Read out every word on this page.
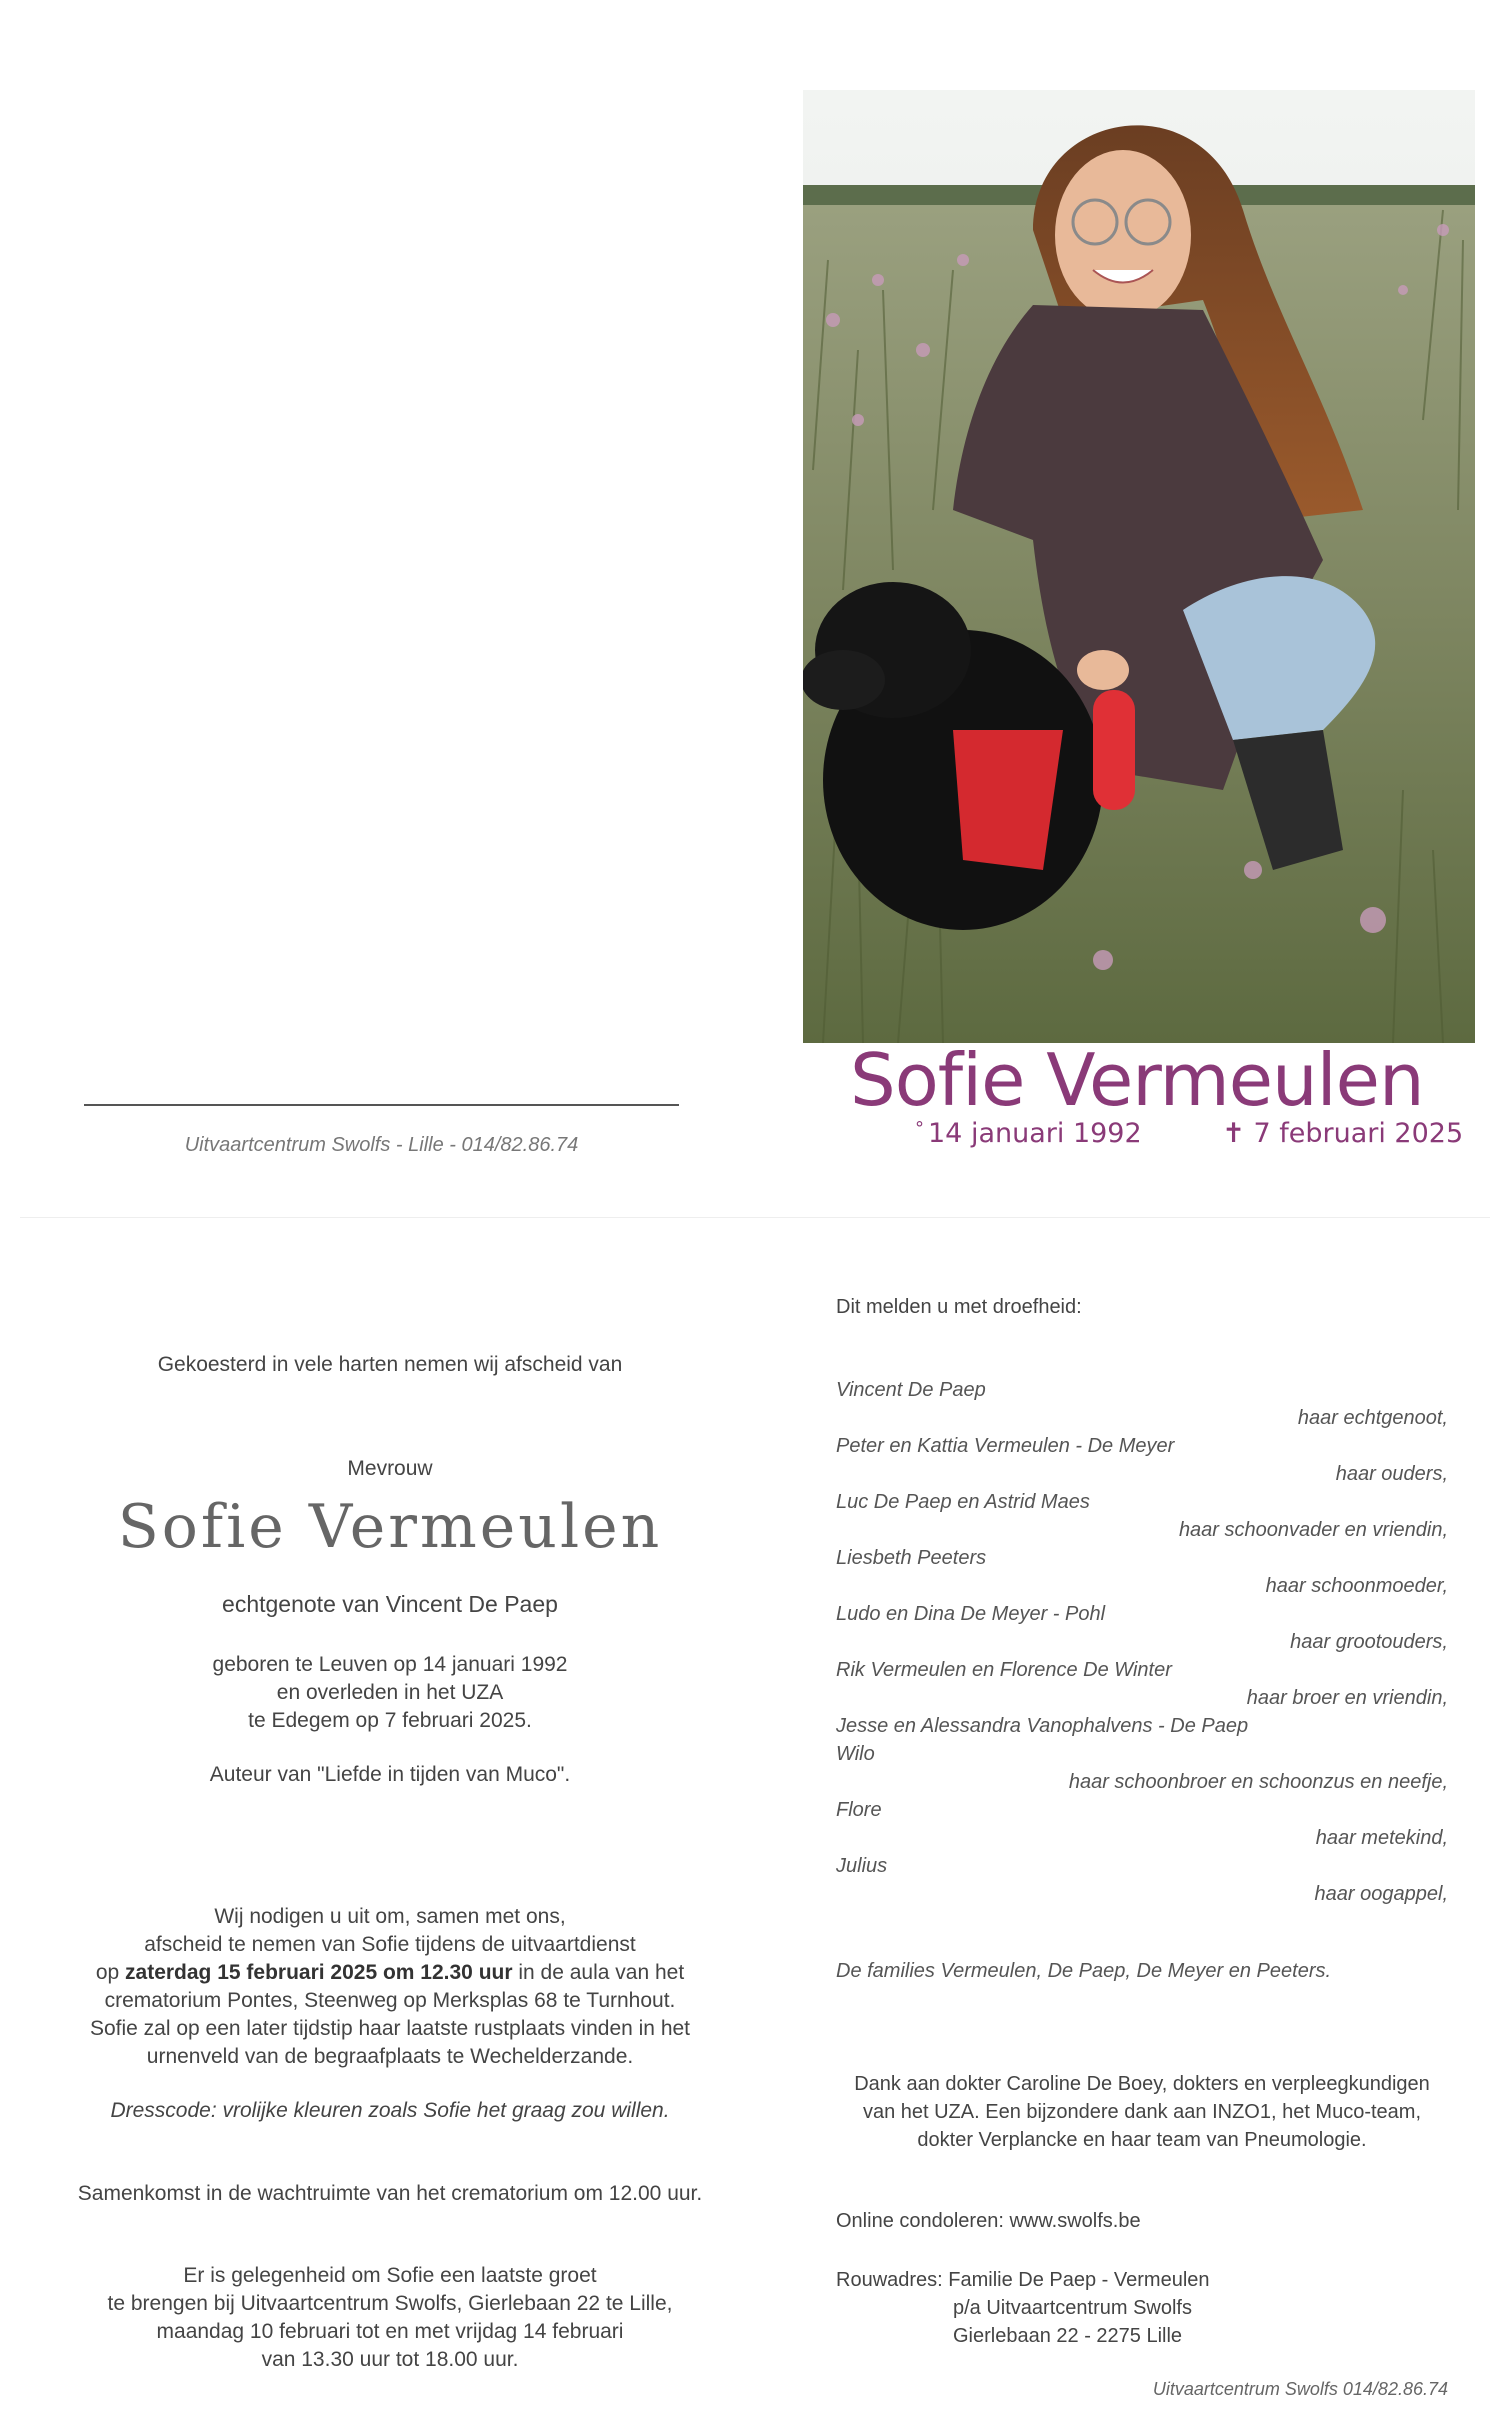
Sofie Vermeulen
° 14 januari 1992	✝ 7 februari 2025
Uitvaartcentrum Swolfs - Lille - 014/82.86.74
Gekoesterd in vele harten nemen wij afscheid van
Mevrouw
Sofie Vermeulen
echtgenote van Vincent De Paep
geboren te Leuven op 14 januari 1992
en overleden in het UZA
te Edegem op 7 februari 2025.
Auteur van "Liefde in tijden van Muco".
Wij nodigen u uit om, samen met ons,
afscheid te nemen van Sofie tijdens de uitvaartdienst
op zaterdag 15 februari 2025 om 12.30 uur in de aula van het
crematorium Pontes, Steenweg op Merksplas 68 te Turnhout.
Sofie zal op een later tijdstip haar laatste rustplaats vinden in het
urnenveld van de begraafplaats te Wechelderzande.
Dresscode: vrolijke kleuren zoals Sofie het graag zou willen.
Samenkomst in de wachtruimte van het crematorium om 12.00 uur.
Er is gelegenheid om Sofie een laatste groet
te brengen bij Uitvaartcentrum Swolfs, Gierlebaan 22 te Lille,
maandag 10 februari tot en met vrijdag 14 februari
van 13.30 uur tot 18.00 uur.
Dit melden u met droefheid:
Vincent De Paep
haar echtgenoot,
Peter en Kattia Vermeulen - De Meyer
haar ouders,
Luc De Paep en Astrid Maes
haar schoonvader en vriendin,
Liesbeth Peeters
haar schoonmoeder,
Ludo en Dina De Meyer - Pohl
haar grootouders,
Rik Vermeulen en Florence De Winter
haar broer en vriendin,
Jesse en Alessandra Vanophalvens - De Paep
Wilo
haar schoonbroer en schoonzus en neefje,
Flore
haar metekind,
Julius
haar oogappel,
De families Vermeulen, De Paep, De Meyer en Peeters.
Dank aan dokter Caroline De Boey, dokters en verpleegkundigen
van het UZA. Een bijzondere dank aan INZO1, het Muco-team,
dokter Verplancke en haar team van Pneumologie.
Online condoleren: www.swolfs.be
Rouwadres: Familie De Paep - Vermeulen
p/a Uitvaartcentrum Swolfs
Gierlebaan 22 - 2275 Lille
Uitvaartcentrum Swolfs 014/82.86.74
